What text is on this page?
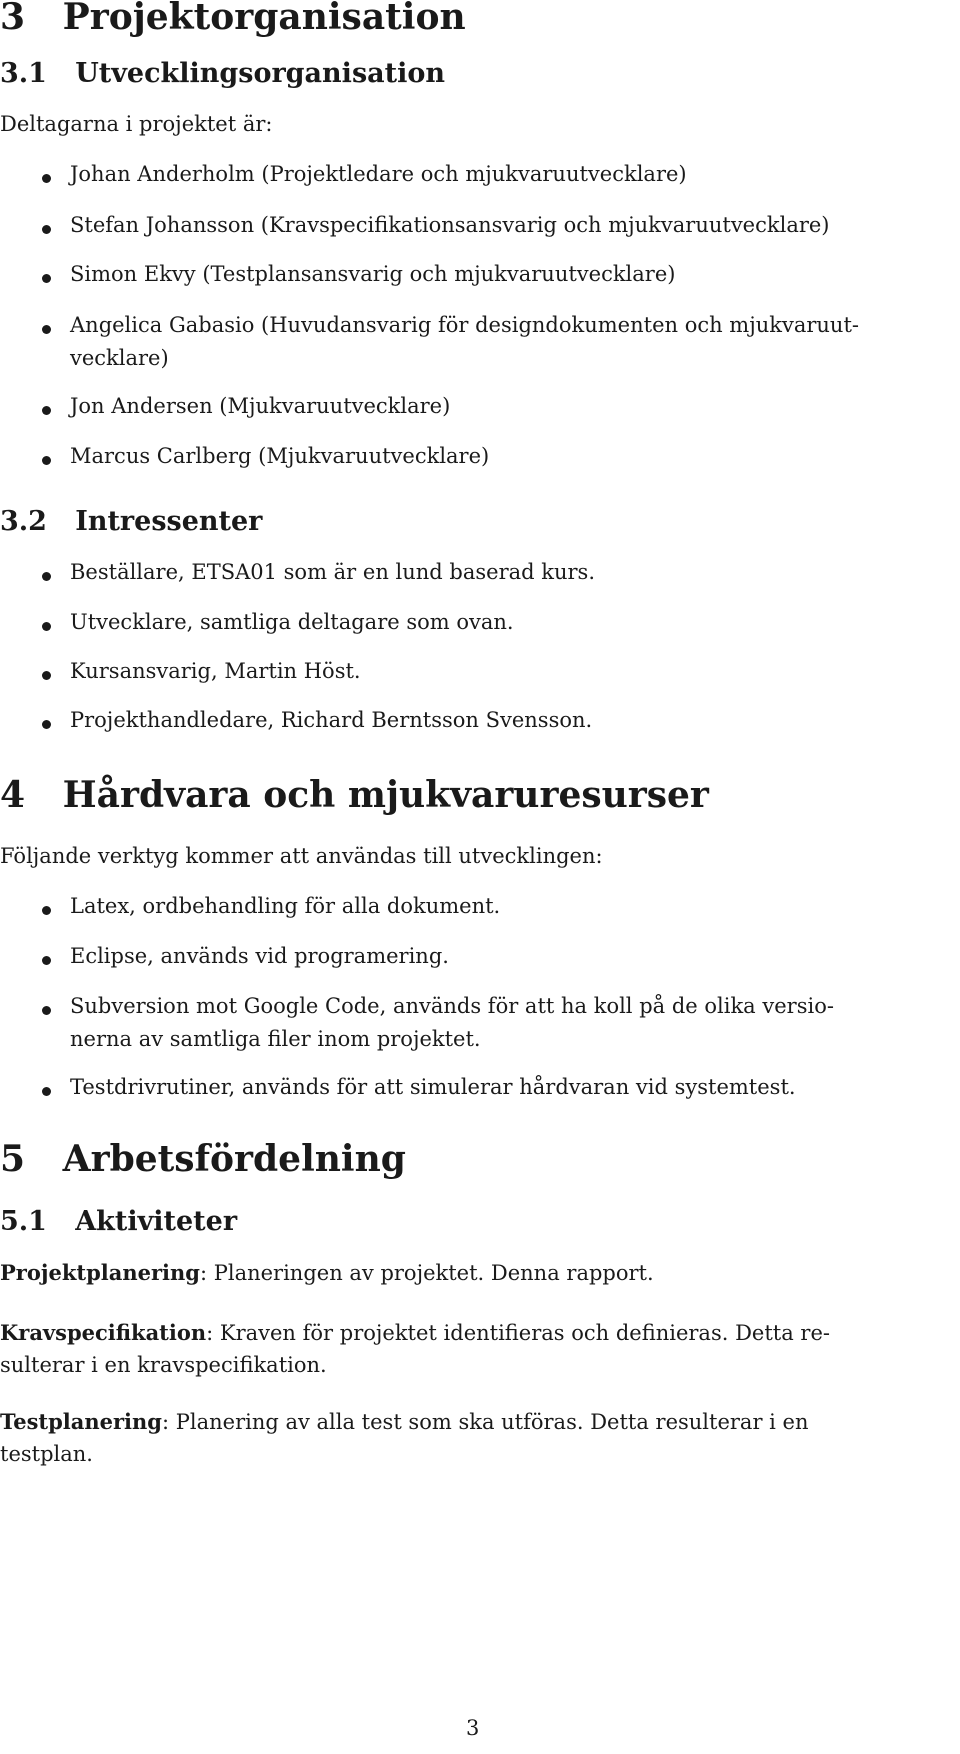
3 Projektorganisation
3.1 Utvecklingsorganisation
Deltagarna i projektet är:
Johan Anderholm (Projektledare och mjukvaruutvecklare)
Stefan Johansson (Kravspecifikationsansvarig och mjukvaruutvecklare)
Simon Ekvy (Testplansansvarig och mjukvaruutvecklare)
Angelica Gabasio (Huvudansvarig för designdokumenten och mjukvaruut-
vecklare)
Jon Andersen (Mjukvaruutvecklare)
Marcus Carlberg (Mjukvaruutvecklare)
3.2 Intressenter
Beställare, ETSA01 som är en lund baserad kurs.
Utvecklare, samtliga deltagare som ovan.
Kursansvarig, Martin Höst.
Projekthandledare, Richard Berntsson Svensson.
4 Hårdvara och mjukvaruresurser
Följande verktyg kommer att användas till utvecklingen:
Latex, ordbehandling för alla dokument.
Eclipse, används vid programering.
Subversion mot Google Code, används för att ha koll på de olika versio-
nerna av samtliga filer inom projektet.
Testdrivrutiner, används för att simulerar hårdvaran vid systemtest.
5 Arbetsfördelning
5.1 Aktiviteter
Projektplanering: Planeringen av projektet. Denna rapport.
Kravspecifikation: Kraven för projektet identifieras och definieras. Detta re-
sulterar i en kravspecifikation.
Testplanering: Planering av alla test som ska utföras. Detta resulterar i en
testplan.
3
